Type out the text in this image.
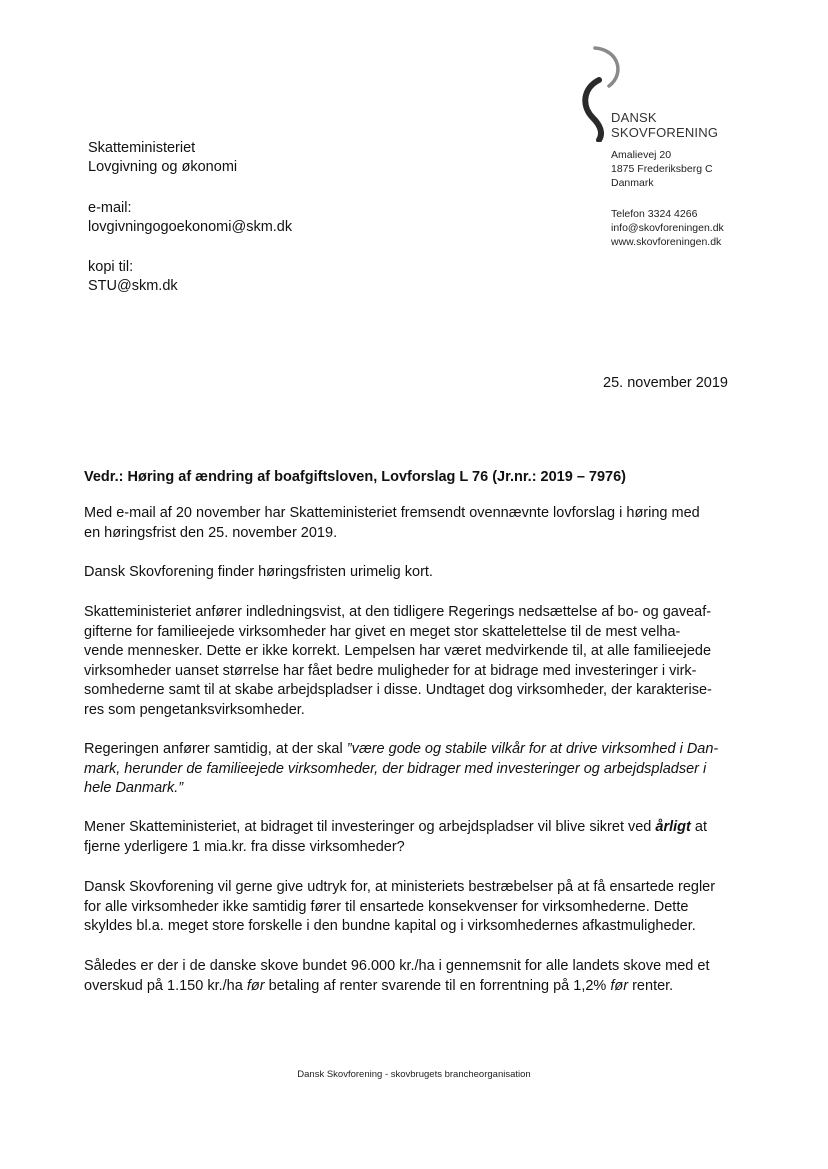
DANSK
SKOVFORENING
Amalievej 20
1875 Frederiksberg C
Danmark
Telefon 3324 4266
info@skovforeningen.dk
www.skovforeningen.dk
Skatteministeriet
Lovgivning og økonomi
e-mail:
lovgivningogoekonomi@skm.dk
kopi til:
STU@skm.dk
25. november 2019
Vedr.: Høring af ændring af boafgiftsloven, Lovforslag L 76 (Jr.nr.: 2019 – 7976)

Med e-mail af 20 november har Skatteministeriet fremsendt ovennævnte lovforslag i høring med

en høringsfrist den 25. november 2019.

Dansk Skovforening finder høringsfristen urimelig kort.

Skatteministeriet anfører indledningsvist, at den tidligere Regerings nedsættelse af bo- og gaveaf-

gifterne for familieejede virksomheder har givet en meget stor skattelettelse til de mest velha-

vende mennesker. Dette er ikke korrekt. Lempelsen har været medvirkende til, at alle familieejede

virksomheder uanset størrelse har fået bedre muligheder for at bidrage med investeringer i virk-

somhederne samt til at skabe arbejdspladser i disse. Undtaget dog virksomheder, der karakterise-

res som pengetanksvirksomheder.

Regeringen anfører samtidig, at der skal ”være gode og stabile vilkår for at drive virksomhed i Dan-

mark, herunder de familieejede virksomheder, der bidrager med investeringer og arbejdspladser i

hele Danmark.”

Mener Skatteministeriet, at bidraget til investeringer og arbejdspladser vil blive sikret ved årligt at

fjerne yderligere 1 mia.kr. fra disse virksomheder?

Dansk Skovforening vil gerne give udtryk for, at ministeriets bestræbelser på at få ensartede regler

for alle virksomheder ikke samtidig fører til ensartede konsekvenser for virksomhederne. Dette

skyldes bl.a. meget store forskelle i den bundne kapital og i virksomhedernes afkastmuligheder.

Således er der i de danske skove bundet 96.000 kr./ha i gennemsnit for alle landets skove med et

overskud på 1.150 kr./ha før betaling af renter svarende til en forrentning på 1,2% før renter.

Dansk Skovforening - skovbrugets brancheorganisation
